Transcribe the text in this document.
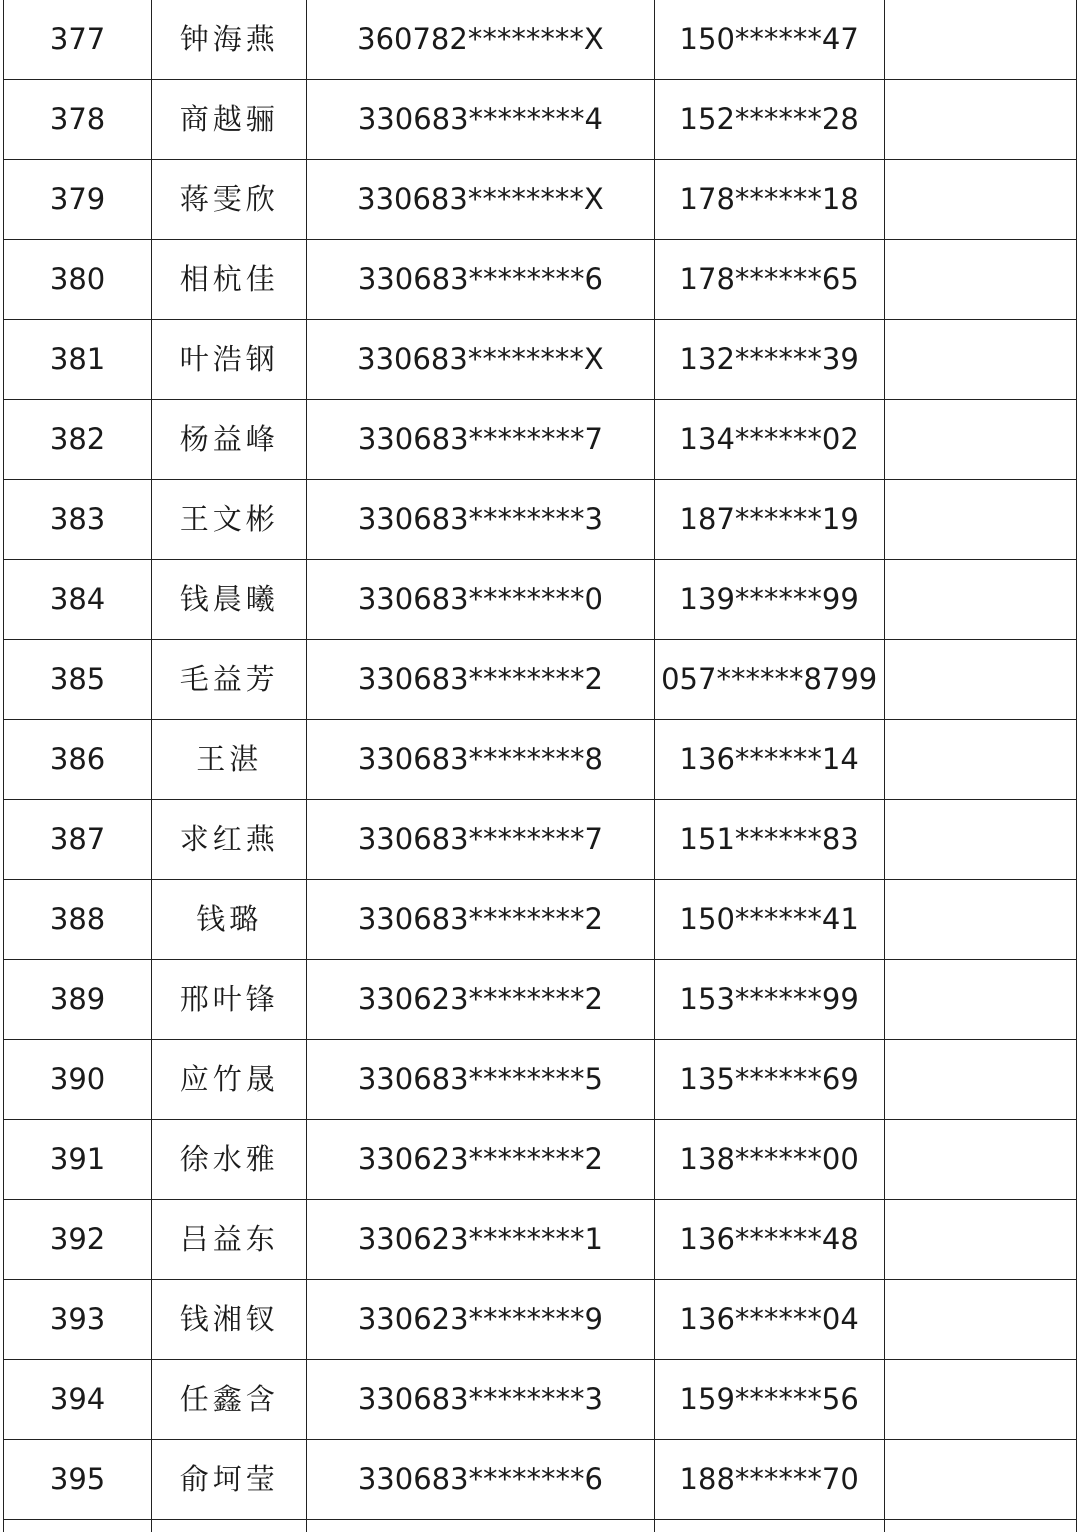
377	钟海燕	360782********X	150******47	
378	商越骊	330683********4	152******28	
379	蒋雯欣	330683********X	178******18	
380	相杭佳	330683********6	178******65	
381	叶浩钢	330683********X	132******39	
382	杨益峰	330683********7	134******02	
383	王文彬	330683********3	187******19	
384	钱晨曦	330683********0	139******99	
385	毛益芳	330683********2	057******8799	
386	王湛	330683********8	136******14	
387	求红燕	330683********7	151******83	
388	钱璐	330683********2	150******41	
389	邢叶锋	330623********2	153******99	
390	应竹晟	330683********5	135******69	
391	徐水雅	330623********2	138******00	
392	吕益东	330623********1	136******48	
393	钱湘钗	330623********9	136******04	
394	任鑫含	330683********3	159******56	
395	俞坷莹	330683********6	188******70	
